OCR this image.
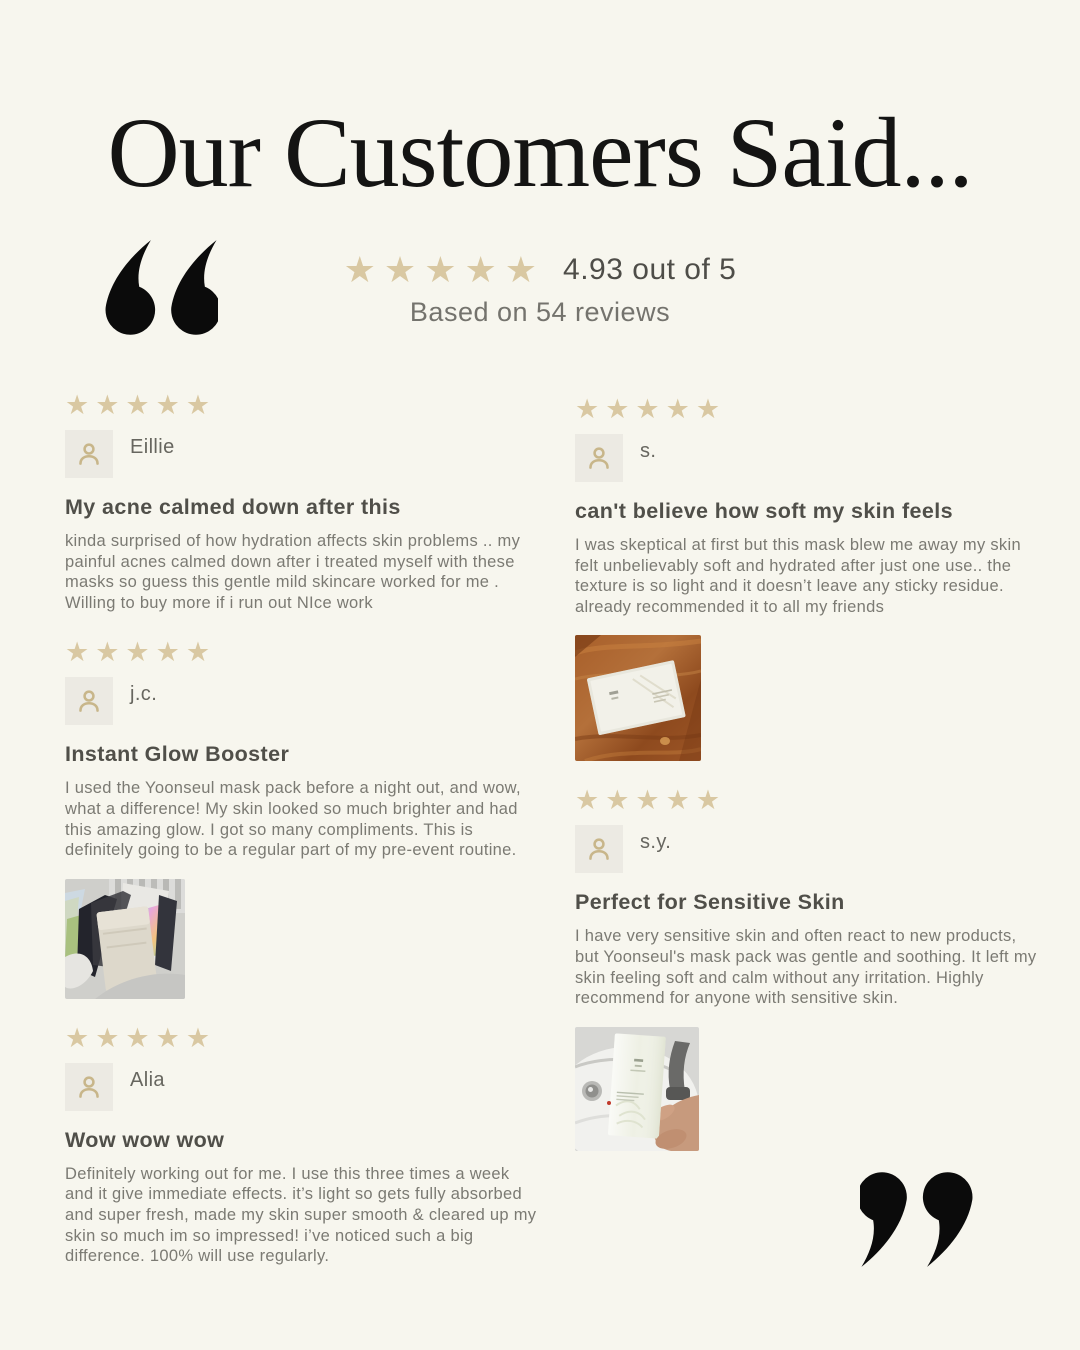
Our Customers Said...
★★★★★ 4.93 out of 5
Based on 54 reviews
★★★★★
Eillie
My acne calmed down after this

kinda surprised of how hydration affects skin problems .. my painful acnes calmed down after i treated myself with these masks so guess this gentle mild skincare worked for me . Willing to buy more if i run out NIce work

★★★★★
j.c.
Instant Glow Booster

I used the Yoonseul mask pack before a night out, and wow, what a difference! My skin looked so much brighter and had this amazing glow. I got so many compliments. This is definitely going to be a regular part of my pre-event routine.

★★★★★
Alia
Wow wow wow

Definitely working out for me. I use this three times a week and it give immediate effects. it’s light so gets fully absorbed and super fresh, made my skin super smooth & cleared up my skin so much im so impressed! i’ve noticed such a big difference. 100% will use regularly.

★★★★★
s.
can't believe how soft my skin feels

I was skeptical at first but this mask blew me away my skin felt unbelievably soft and hydrated after just one use.. the texture is so light and it doesn’t leave any sticky residue. already recommended it to all my friends

★★★★★
s.y.
Perfect for Sensitive Skin

I have very sensitive skin and often react to new products, but Yoonseul's mask pack was gentle and soothing. It left my skin feeling soft and calm without any irritation. Highly recommend for anyone with sensitive skin.
